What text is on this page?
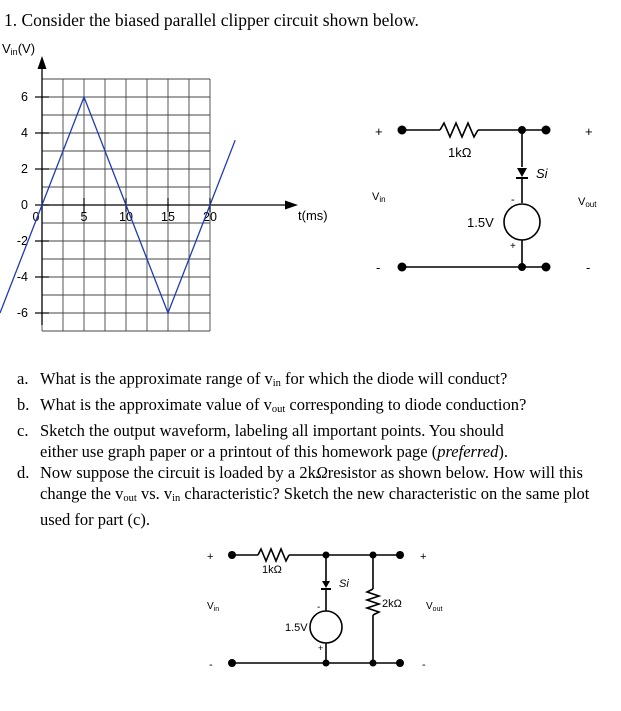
1. Consider the biased parallel clipper circuit shown below.
6
4
2
0
-2
-4
-6
0	5	10 15 20
Vin(V)
t(ms)
+
-
+
-
Vin	Vout
1kΩ
Si
1.5V
-
+
a. What is the approximate range of vin for which the diode will conduct?
b. What is the approximate value of vout corresponding to diode conduction?
c. Sketch the output waveform, labeling all important points. You should
either use graph paper or a printout of this homework page (preferred).
d. Now suppose the circuit is loaded by a 2kΩresistor as shown below. How will this change the vout vs. vin characteristic? Sketch the new characteristic on the same plot used for part (c).
+
-
+
-
$V_{in}$	$V_{out}$
1kΩ
Si
2kΩ
1.5V
-
+
